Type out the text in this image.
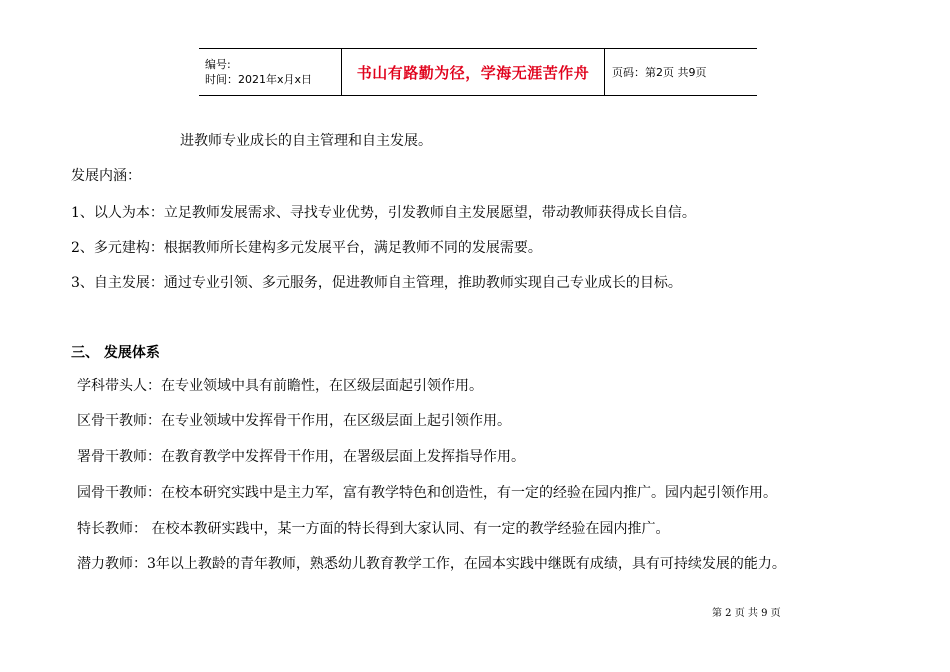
编号:
时间：2021年x月x日	书山有路勤为径，学海无涯苦作舟 页码：第2页 共9页
进教师专业成长的自主管理和自主发展。
发展内涵：
1、以人为本：立足教师发展需求、寻找专业优势，引发教师自主发展愿望，带动教师获得成长自信。
2、多元建构：根据教师所长建构多元发展平台，满足教师不同的发展需要。
3、自主发展：通过专业引领、多元服务，促进教师自主管理，推助教师实现自己专业成长的目标。
三、 发展体系
学科带头人：在专业领域中具有前瞻性，在区级层面起引领作用。
区骨干教师：在专业领域中发挥骨干作用，在区级层面上起引领作用。
署骨干教师：在教育教学中发挥骨干作用，在署级层面上发挥指导作用。
园骨干教师：在校本研究实践中是主力军，富有教学特色和创造性，有一定的经验在园内推广。园内起引领作用。
特长教师： 在校本教研实践中，某一方面的特长得到大家认同、有一定的教学经验在园内推广。
潜力教师：3年以上教龄的青年教师，熟悉幼儿教育教学工作，在园本实践中继既有成绩，具有可持续发展的能力。
第 2 页 共 9 页
